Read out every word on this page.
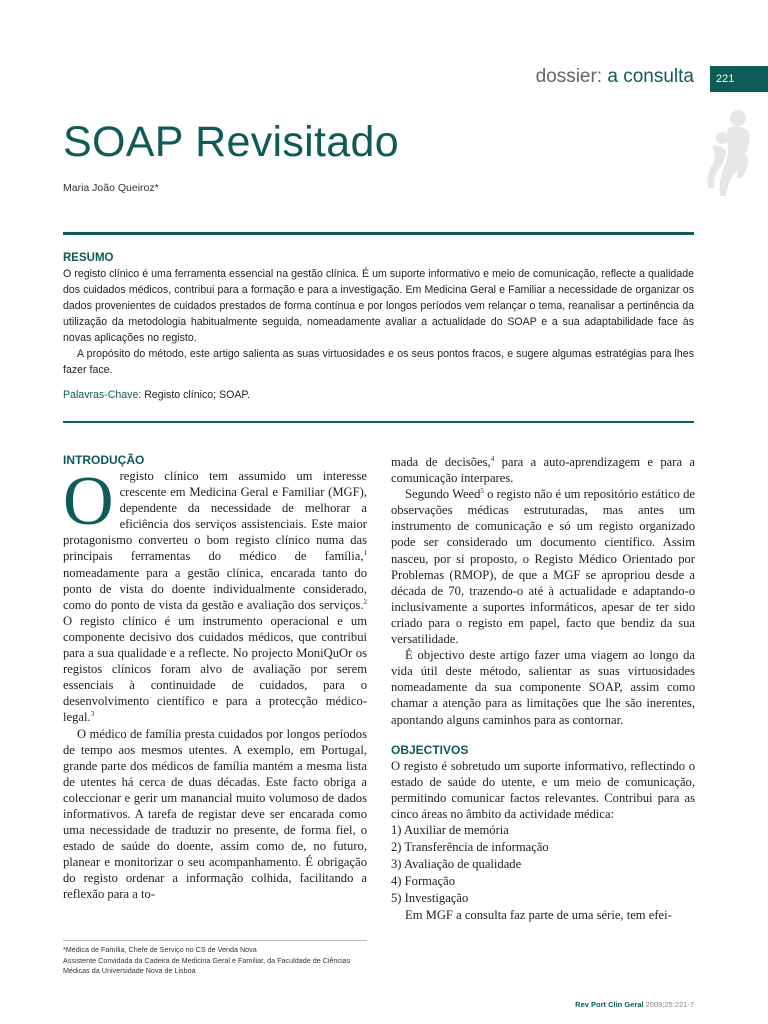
dossier: a consulta	221
SOAP Revisitado
Maria João Queiroz*
RESUMO

O registo clínico é uma ferramenta essencial na gestão clínica. É um suporte informativo e meio de comunicação, reflecte a qualidade dos cuidados médicos, contribui para a formação e para a investigação. Em Medicina Geral e Familiar a necessidade de organizar os dados provenientes de cuidados prestados de forma contínua e por longos períodos vem relançar o tema, reanalisar a pertinência da utilização da metodologia habitualmente seguida, nomeadamente avaliar a actualidade do SOAP e a sua adaptabilidade face às novas aplicações no registo.

A propósito do método, este artigo salienta as suas virtuosidades e os seus pontos fracos, e sugere algumas estratégias para lhes fazer face.

Palavras-Chave: Registo clínico; SOAP.

INTRODUÇÃO

Oregisto clínico tem assumido um interesse crescente em Medicina Geral e Familiar (MGF), dependente da necessidade de melhorar a eficiência dos serviços assistenciais. Este maior protagonismo converteu o bom registo clínico numa das principais ferramentas do médico de família,$^1$ nomeadamente para a gestão clínica, encarada tanto do ponto de vista do doente individualmente considerado, como do ponto de vista da gestão e avaliação dos serviços.$^2$ O registo clínico é um instrumento operacional e um componente decisivo dos cuidados médicos, que contribui para a sua qualidade e a reflecte. No projecto MoniQuOr os registos clínicos foram alvo de avaliação por serem essenciais à continuidade de cuidados, para o desenvolvimento científico e para a protecção médico-legal.$^3$

O médico de família presta cuidados por longos períodos de tempo aos mesmos utentes. A exemplo, em Portugal, grande parte dos médicos de família mantém a mesma lista de utentes há cerca de duas décadas. Este facto obriga a coleccionar e gerir um manancial muito volumoso de dados informativos. A tarefa de registar deve ser encarada como uma necessidade de traduzir no presente, de forma fiel, o estado de saúde do doente, assim como de, no futuro, planear e monitorizar o seu acompanhamento. É obrigação do registo ordenar a informação colhida, facilitando a reflexão para a to-

mada de decisões,$^4$ para a auto-aprendizagem e para a comunicação interpares.

Segundo Weed$^5$ o registo não é um repositório estático de observações médicas estruturadas, mas antes um instrumento de comunicação e só um registo organizado pode ser considerado um documento científico. Assim nasceu, por si proposto, o Registo Médico Orientado por Problemas (RMOP), de que a MGF se apropriou desde a década de 70, trazendo-o até à actualidade e adaptando-o inclusivamente a suportes informáticos, apesar de ter sido criado para o registo em papel, facto que bendiz da sua versatilidade.

É objectivo deste artigo fazer uma viagem ao longo da vida útil deste método, salientar as suas virtuosidades nomeadamente da sua componente SOAP, assim como chamar a atenção para as limitações que lhe são inerentes, apontando alguns caminhos para as contornar.

OBJECTIVOS

O registo é sobretudo um suporte informativo, reflectindo o estado de saúde do utente, e um meio de comunicação, permitindo comunicar factos relevantes. Contribui para as cinco áreas no âmbito da actividade médica:

1) Auxiliar de memória
2) Transferência de informação
3) Avaliação de qualidade
4) Formação
5) Investigação

Em MGF a consulta faz parte de uma série, tem efei-

*Médica de Família, Chefe de Serviço no CS de Venda Nova

Assistente Convidada da Cadeira de Medicina Geral e Familiar, da Faculdade de Ciências Médicas da Universidade Nova de Lisboa

Rev Port Clin Geral 2009;25:221-7
